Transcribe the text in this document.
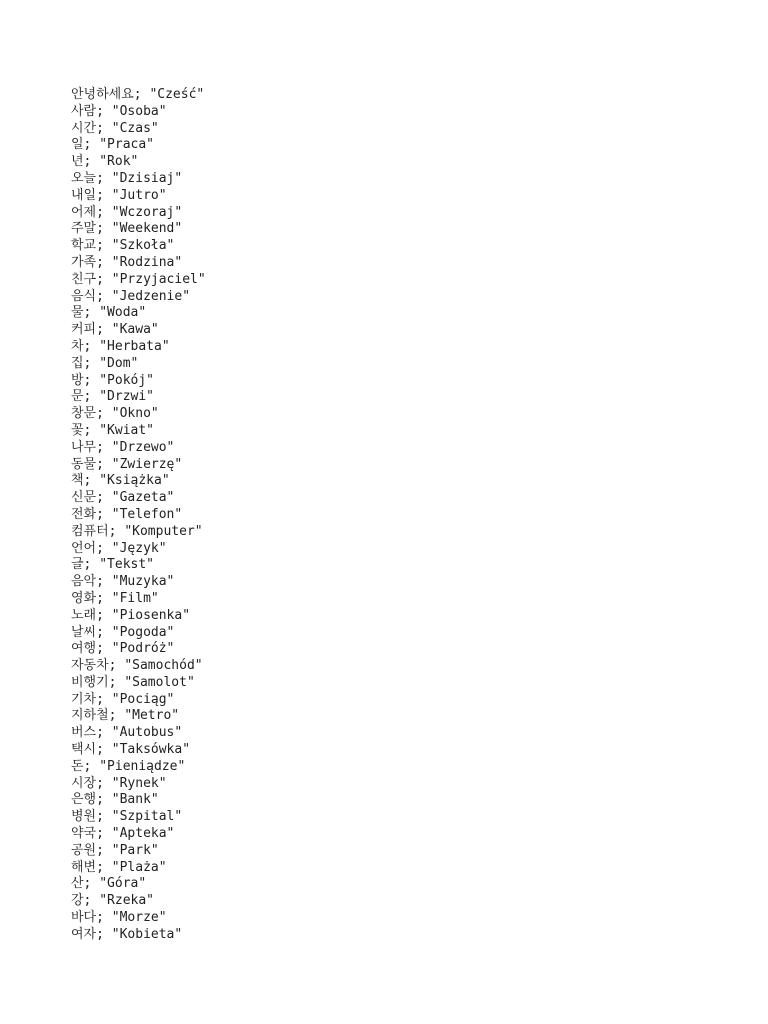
안녕하세요; "Cześć"
사람; "Osoba"
시간; "Czas"
일; "Praca"
년; "Rok"
오늘; "Dzisiaj"
내일; "Jutro"
어제; "Wczoraj"
주말; "Weekend"
학교; "Szkoła"
가족; "Rodzina"
친구; "Przyjaciel"
음식; "Jedzenie"
물; "Woda"
커피; "Kawa"
차; "Herbata"
집; "Dom"
방; "Pokój"
문; "Drzwi"
창문; "Okno"
꽃; "Kwiat"
나무; "Drzewo"
동물; "Zwierzę"
책; "Książka"
신문; "Gazeta"
전화; "Telefon"
컴퓨터; "Komputer"
언어; "Język"
글; "Tekst"
음악; "Muzyka"
영화; "Film"
노래; "Piosenka"
날씨; "Pogoda"
여행; "Podróż"
자동차; "Samochód"
비행기; "Samolot"
기차; "Pociąg"
지하철; "Metro"
버스; "Autobus"
택시; "Taksówka"
돈; "Pieniądze"
시장; "Rynek"
은행; "Bank"
병원; "Szpital"
약국; "Apteka"
공원; "Park"
해변; "Plaża"
산; "Góra"
강; "Rzeka"
바다; "Morze"
여자; "Kobieta"
